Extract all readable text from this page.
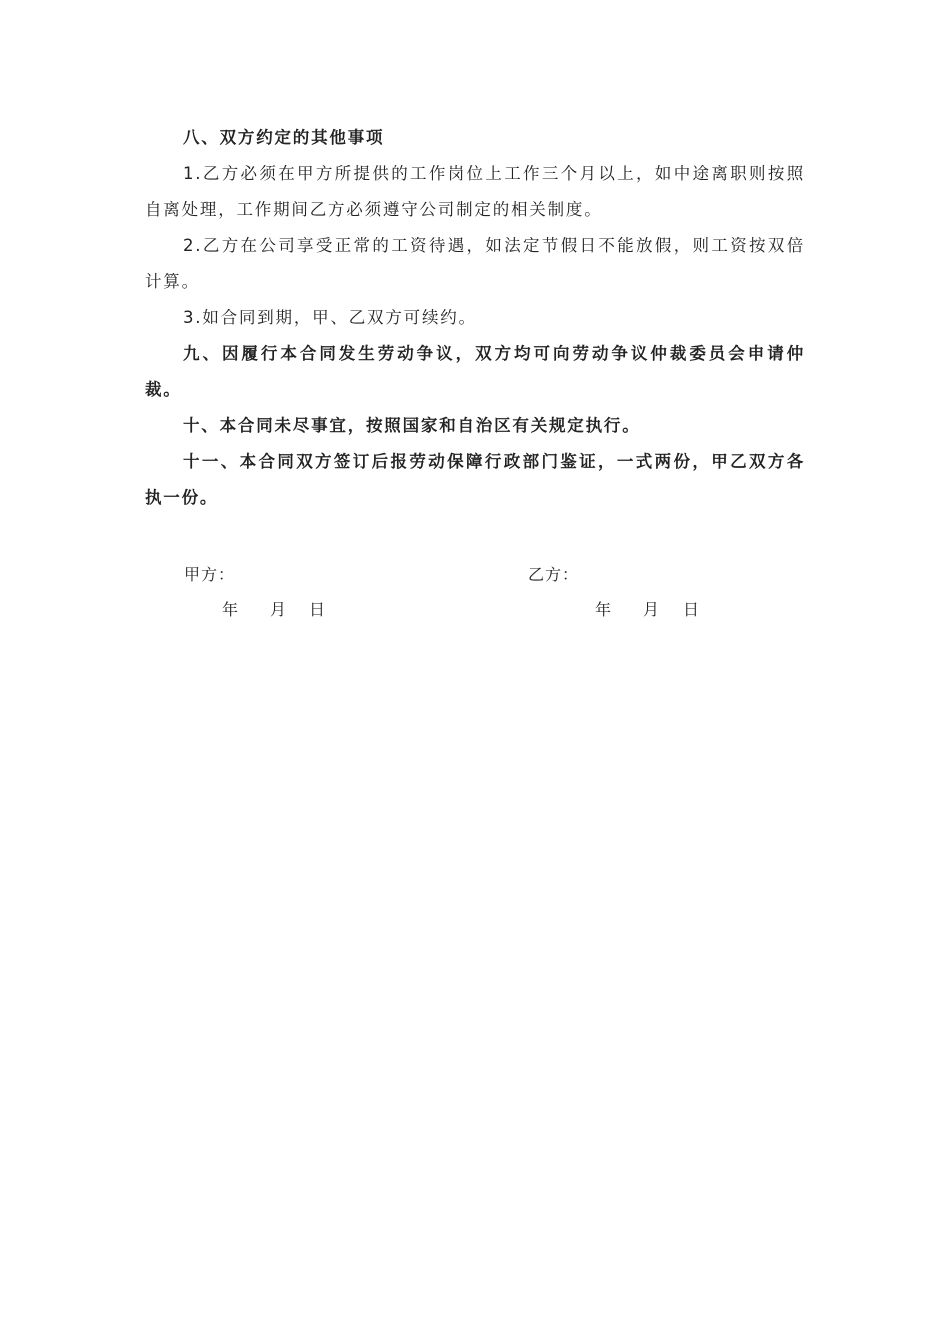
八、双方约定的其他事项

1.乙方必须在甲方所提供的工作岗位上工作三个月以上，如中途离职则按照自离处理，工作期间乙方必须遵守公司制定的相关制度。

2.乙方在公司享受正常的工资待遇，如法定节假日不能放假，则工资按双倍计算。

3.如合同到期，甲、乙双方可续约。

九、因履行本合同发生劳动争议，双方均可向劳动争议仲裁委员会申请仲裁。

十、本合同未尽事宜，按照国家和自治区有关规定执行。

十一、本合同双方签订后报劳动保障行政部门鉴证，一式两份，甲乙双方各执一份。

甲方：	乙方：
年 月 日	年 月 日
